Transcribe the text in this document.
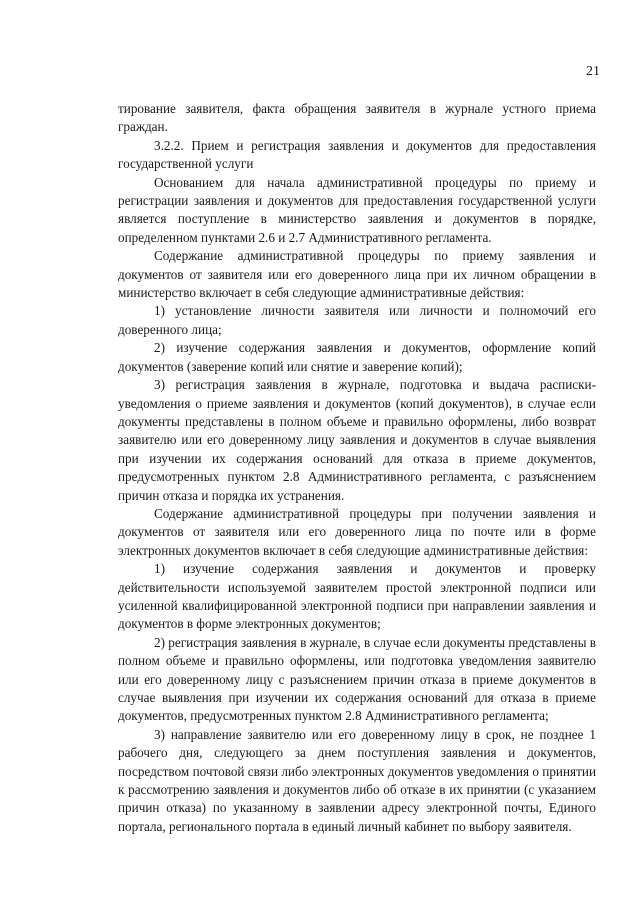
21

тирование заявителя, факта обращения заявителя в журнале устного приема граждан.

3.2.2. Прием и регистрация заявления и документов для предоставления государственной услуги

Основанием для начала административной процедуры по приему и регистрации заявления и документов для предоставления государственной услуги является поступление в министерство заявления и документов в порядке, определенном пунктами 2.6 и 2.7 Административного регламента.

Содержание административной процедуры по приему заявления и документов от заявителя или его доверенного лица при их личном обращении в министерство включает в себя следующие административные действия:

1) установление личности заявителя или личности и полномочий его доверенного лица;

2) изучение содержания заявления и документов, оформление копий документов (заверение копий или снятие и заверение копий);

3) регистрация заявления в журнале, подготовка и выдача расписки-уведомления о приеме заявления и документов (копий документов), в случае если документы представлены в полном объеме и правильно оформлены, либо возврат заявителю или его доверенному лицу заявления и документов в случае выявления при изучении их содержания оснований для отказа в приеме документов, предусмотренных пунктом 2.8 Административного регламента, с разъяснением причин отказа и порядка их устранения.

Содержание административной процедуры при получении заявления и документов от заявителя или его доверенного лица по почте или в форме электронных документов включает в себя следующие административные действия:

1) изучение содержания заявления и документов и проверку действительности используемой заявителем простой электронной подписи или усиленной квалифицированной электронной подписи при направлении заявления и документов в форме электронных документов;

2) регистрация заявления в журнале, в случае если документы представлены в полном объеме и правильно оформлены, или подготовка уведомления заявителю или его доверенному лицу с разъяснением причин отказа в приеме документов в случае выявления при изучении их содержания оснований для отказа в приеме документов, предусмотренных пунктом 2.8 Административного регламента;

3) направление заявителю или его доверенному лицу в срок, не позднее 1 рабочего дня, следующего за днем поступления заявления и документов, посредством почтовой связи либо электронных документов уведомления о принятии к рассмотрению заявления и документов либо об отказе в их принятии (с указанием причин отказа) по указанному в заявлении адресу электронной почты, Единого портала, регионального портала в единый личный кабинет по выбору заявителя.
